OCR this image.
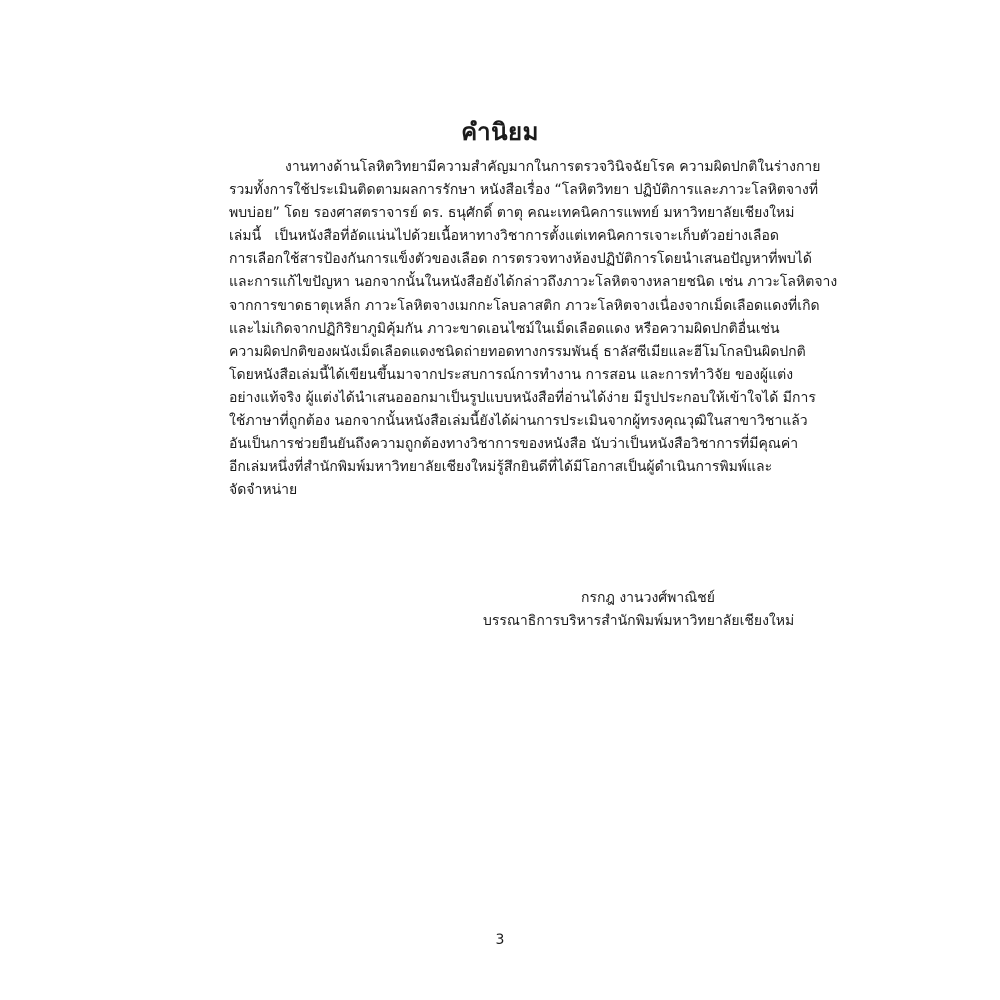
คำนิยม

งานทางด้านโลหิตวิทยามีความสำคัญมากในการตรวจวินิจฉัยโรค ความผิดปกติในร่างกาย
รวมทั้งการใช้ประเมินติดตามผลการรักษา หนังสือเรื่อง “โลหิตวิทยา ปฏิบัติการและภาวะโลหิตจางที่
พบบ่อย” โดย รองศาสตราจารย์ ดร. ธนุศักดิ์ ตาตุ คณะเทคนิคการแพทย์ มหาวิทยาลัยเชียงใหม่
เล่มนี้ เป็นหนังสือที่อัดแน่นไปด้วยเนื้อหาทางวิชาการตั้งแต่เทคนิคการเจาะเก็บตัวอย่างเลือด
การเลือกใช้สารป้องกันการแข็งตัวของเลือด การตรวจทางห้องปฏิบัติการโดยนำเสนอปัญหาที่พบได้
และการแก้ไขปัญหา นอกจากนั้นในหนังสือยังได้กล่าวถึงภาวะโลหิตจางหลายชนิด เช่น ภาวะโลหิตจาง
จากการขาดธาตุเหล็ก ภาวะโลหิตจางเมกกะโลบลาสติก ภาวะโลหิตจางเนื่องจากเม็ดเลือดแดงที่เกิด
และไม่เกิดจากปฏิกิริยาภูมิคุ้มกัน ภาวะขาดเอนไซม์ในเม็ดเลือดแดง หรือความผิดปกติอื่นเช่น
ความผิดปกติของผนังเม็ดเลือดแดงชนิดถ่ายทอดทางกรรมพันธุ์ ธาลัสซีเมียและฮีโมโกลบินผิดปกติ
โดยหนังสือเล่มนี้ได้เขียนขึ้นมาจากประสบการณ์การทำงาน การสอน และการทำวิจัย ของผู้แต่ง
อย่างแท้จริง ผู้แต่งได้นำเสนอออกมาเป็นรูปแบบหนังสือที่อ่านได้ง่าย มีรูปประกอบให้เข้าใจได้ มีการ
ใช้ภาษาที่ถูกต้อง นอกจากนั้นหนังสือเล่มนี้ยังได้ผ่านการประเมินจากผู้ทรงคุณวุฒิในสาขาวิชาแล้ว
อันเป็นการช่วยยืนยันถึงความถูกต้องทางวิชาการของหนังสือ นับว่าเป็นหนังสือวิชาการที่มีคุณค่า
อีกเล่มหนึ่งที่สำนักพิมพ์มหาวิทยาลัยเชียงใหม่รู้สึกยินดีที่ได้มีโอกาสเป็นผู้ดำเนินการพิมพ์และ
จัดจำหน่าย

กรกฎ งานวงศ์พาณิชย์
บรรณาธิการบริหารสำนักพิมพ์มหาวิทยาลัยเชียงใหม่
3
